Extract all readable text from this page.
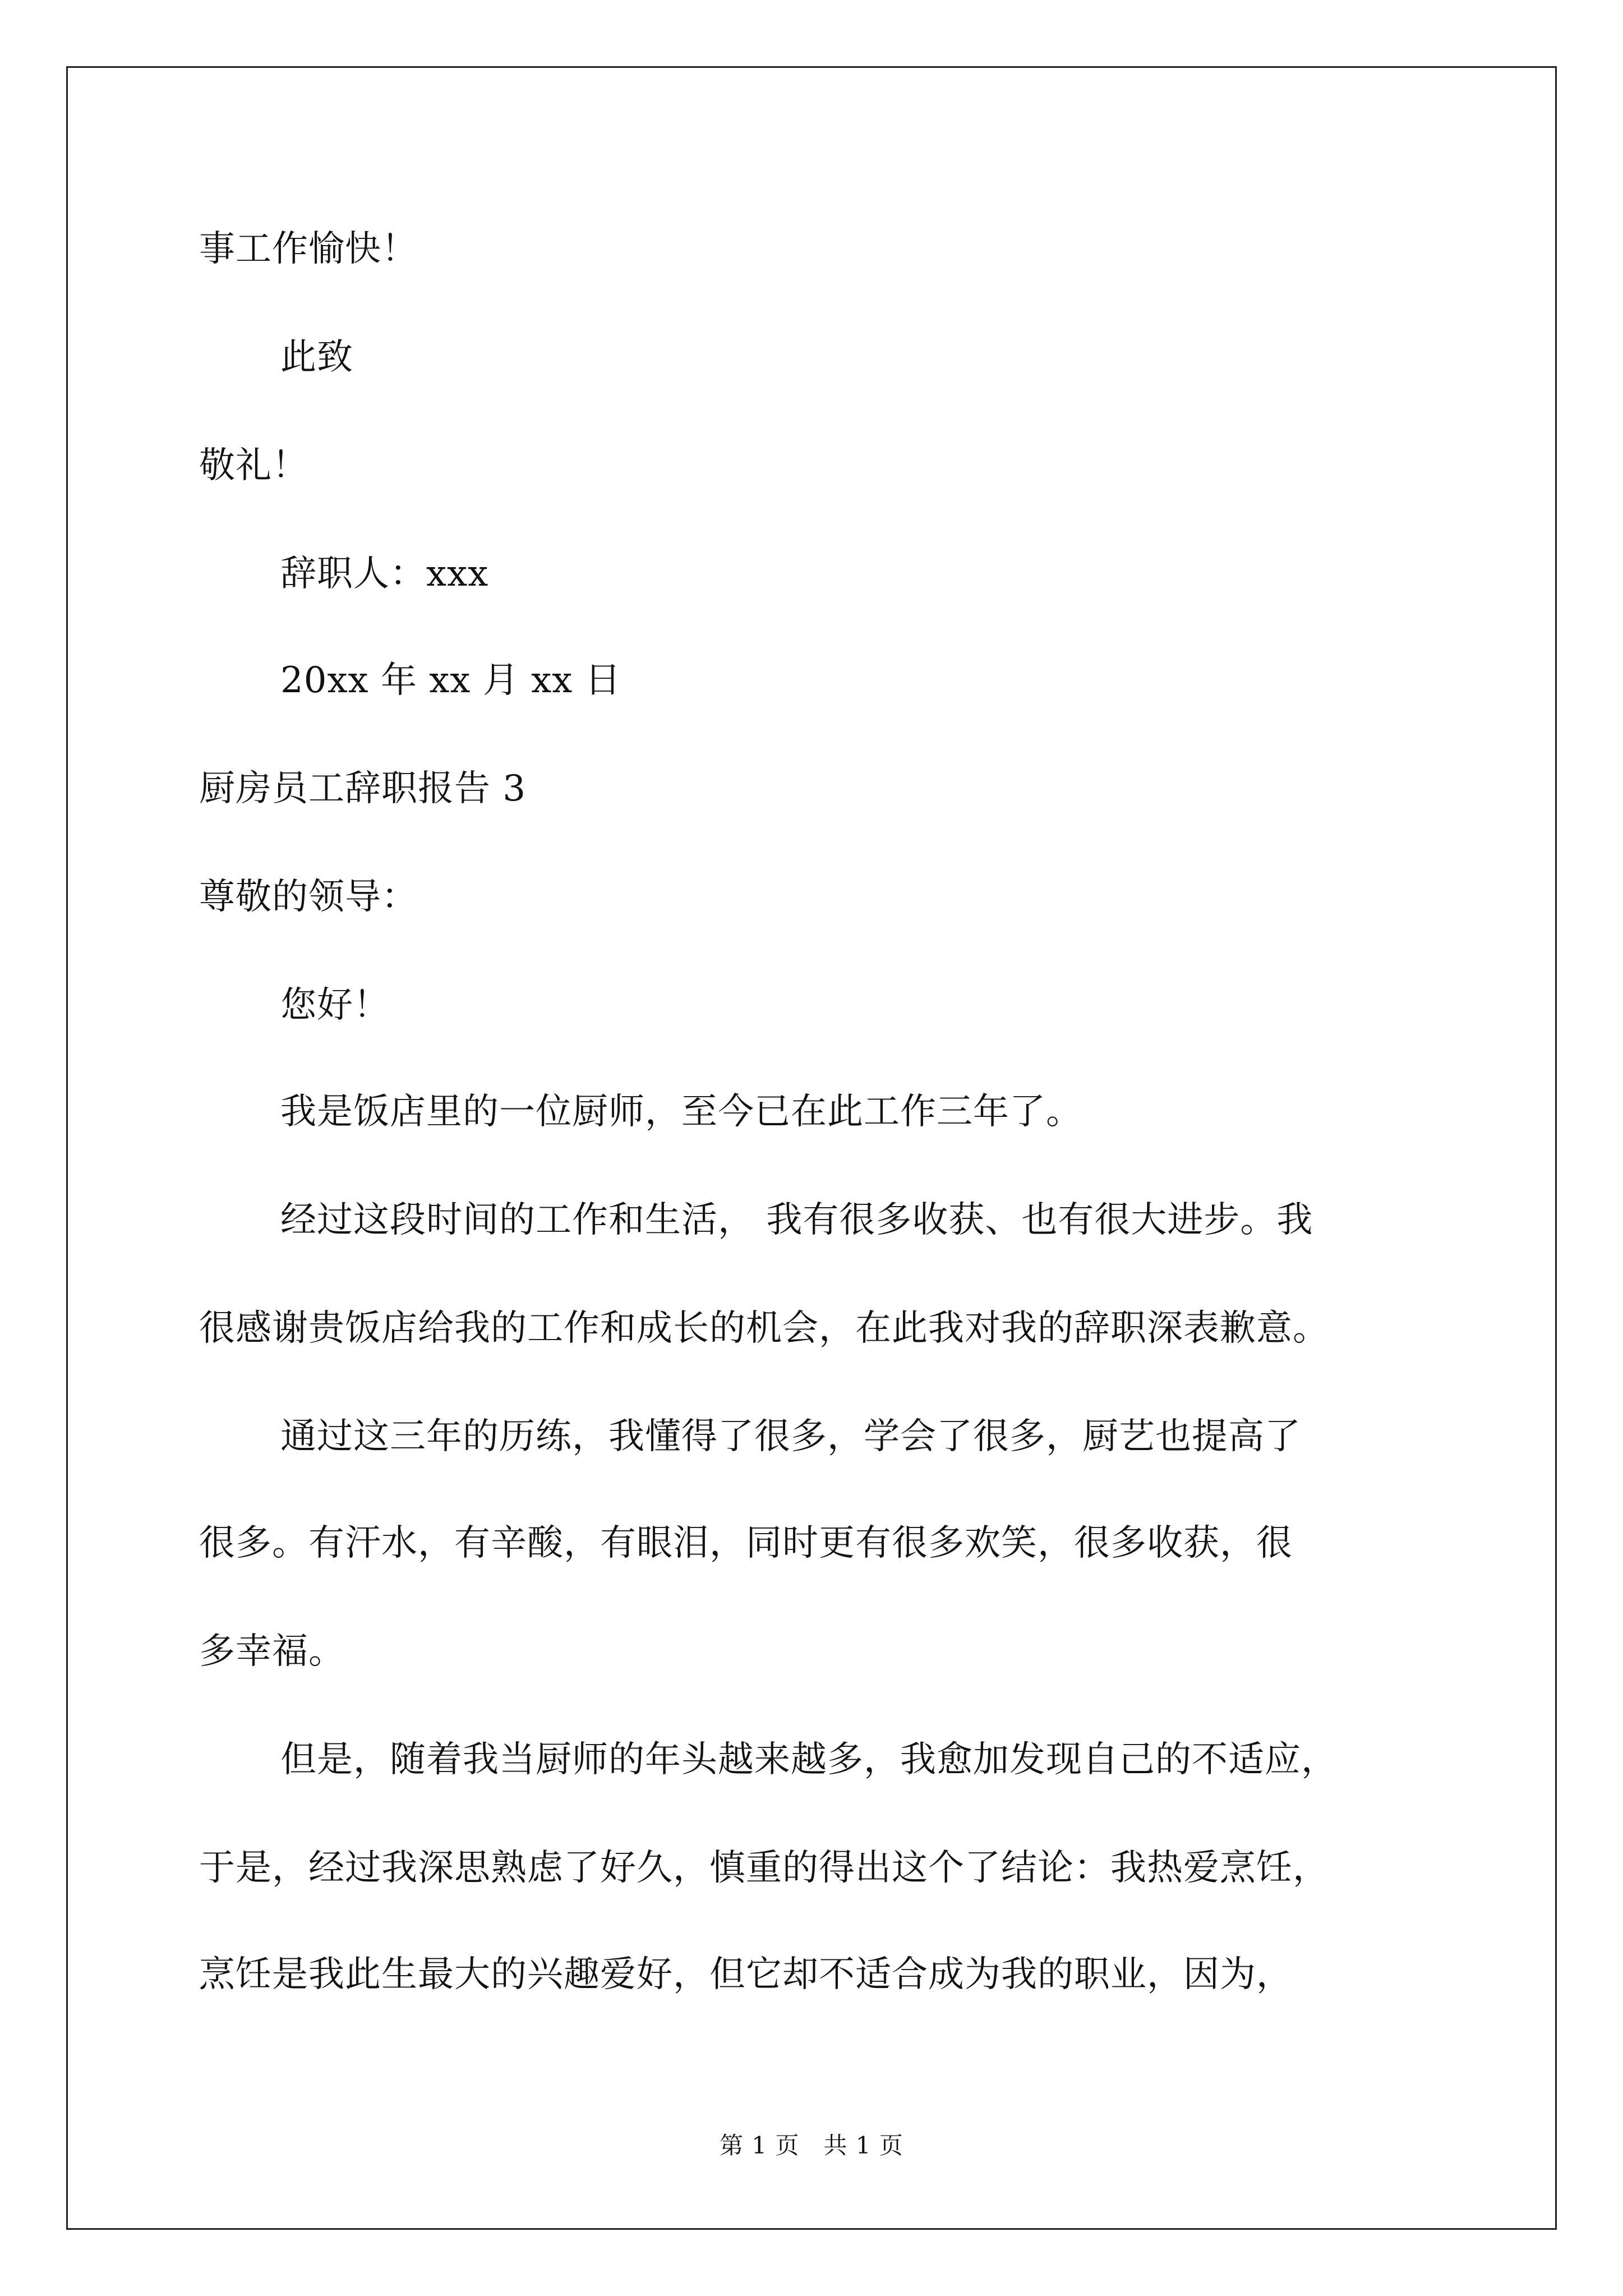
事工作愉快！
此致
敬礼！
辞职人：xxx
20xx 年 xx 月 xx 日
厨房员工辞职报告 3
尊敬的领导：
您好！
我是饭店里的一位厨师，至今已在此工作三年了。
经过这段时间的工作和生活， 我有很多收获、也有很大进步。我
很感谢贵饭店给我的工作和成长的机会，在此我对我的辞职深表歉意。
通过这三年的历练，我懂得了很多，学会了很多，厨艺也提高了
很多。有汗水，有辛酸，有眼泪，同时更有很多欢笑，很多收获，很
多幸福。
但是，随着我当厨师的年头越来越多，我愈加发现自己的不适应，
于是，经过我深思熟虑了好久，慎重的得出这个了结论：我热爱烹饪，
烹饪是我此生最大的兴趣爱好，但它却不适合成为我的职业，因为，
第 1 页　共 1 页
